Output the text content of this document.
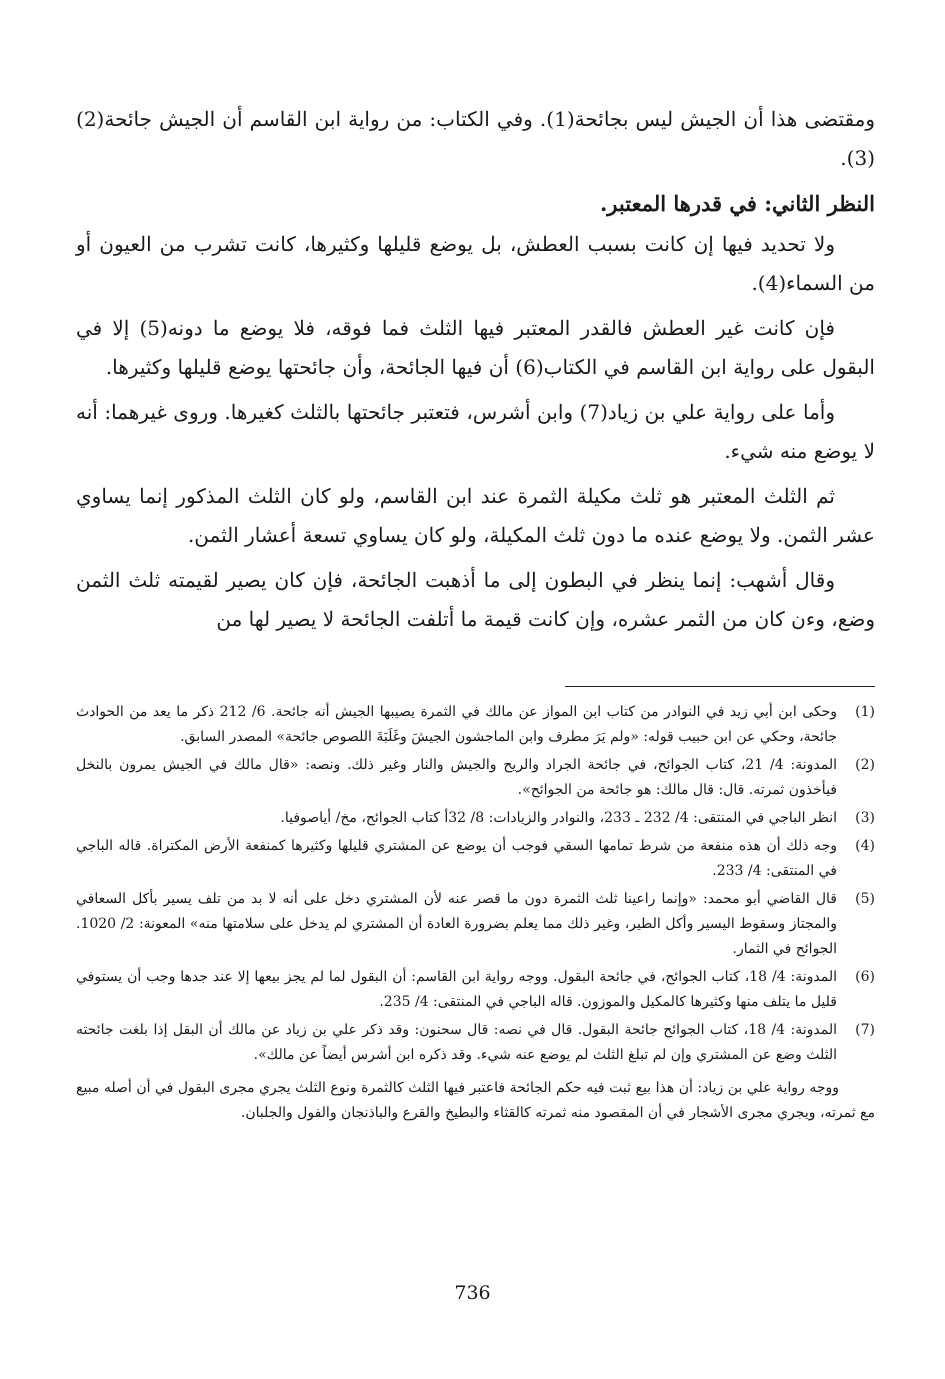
ومقتضى هذا أن الجيش ليس بجائحة(1). وفي الكتاب: من رواية ابن القاسم أن الجيش جائحة(2)(3).

النظر الثاني: في قدرها المعتبر.

ولا تحديد فيها إن كانت بسبب العطش، بل يوضع قليلها وكثيرها، كانت تشرب من العيون أو من السماء(4).

فإن كانت غير العطش فالقدر المعتبر فيها الثلث فما فوقه، فلا يوضع ما دونه(5) إلا في البقول على رواية ابن القاسم في الكتاب(6) أن فيها الجائحة، وأن جائحتها يوضع قليلها وكثيرها.

وأما على رواية علي بن زياد(7) وابن أشرس، فتعتبر جائحتها بالثلث كغيرها. وروى غيرهما: أنه لا يوضع منه شيء.

ثم الثلث المعتبر هو ثلث مكيلة الثمرة عند ابن القاسم، ولو كان الثلث المذكور إنما يساوي عشر الثمن. ولا يوضع عنده ما دون ثلث المكيلة، ولو كان يساوي تسعة أعشار الثمن.

وقال أشهب: إنما ينظر في البطون إلى ما أذهبت الجائحة، فإن كان يصير لقيمته ثلث الثمن وضع، وءن كان من الثمر عشره، وإن كانت قيمة ما أتلفت الجائحة لا يصير لها من

(1)
وحكى ابن أبي زيد في النوادر من كتاب ابن المواز عن مالك في الثمرة يصيبها الجيش أنه جائحة. 6/ 212 ذكر ما يعد من الحوادث جائحة، وحكي عن ابن حبيب قوله: «ولم يَرَ مطرف وابن الماجشون الجيشَ وغَلَبَةَ اللصوص جائحة» المصدر السابق.
(2)
المدونة: 4/ 21، كتاب الجوائح، في جائحة الجراد والريح والجيش والنار وغير ذلك. ونصه: «قال مالك في الجيش يمرون بالنخل فيأخذون ثمرته. قال: قال مالك: هو جائحة من الجوائح».
(3)
انظر الباجي في المنتقى: 4/ 232 ـ 233، والنوادر والزيادات: 8/ 32أ كتاب الجوائح، مخ/ أياصوفيا.
(4)
وجه ذلك أن هذه منفعة من شرط تمامها السقي فوجب أن يوضع عن المشتري قليلها وكثيرها كمنفعة الأرض المكتراة. قاله الباجي في المنتقى: 4/ 233.
(5)
قال القاضي أبو محمد: «وإنما راعينا ثلث الثمرة دون ما قصر عنه لأن المشتري دخل على أنه لا بد من تلف يسير بأكل السعافي والمجتاز وسقوط اليسير وأكل الطير، وغير ذلك مما يعلم بضرورة العادة أن المشتري لم يدخل على سلامتها منه» المعونة: 2/ 1020. الجوائح في الثمار.
(6)
المدونة: 4/ 18، كتاب الجوائح، في جائحة البقول. ووجه رواية ابن القاسم: أن البقول لما لم يجز بيعها إلا عند جدها وجب أن يستوفي قليل ما يتلف منها وكثيرها كالمكيل والموزون. قاله الباجي في المنتقى: 4/ 235.
(7)
المدونة: 4/ 18، كتاب الجوائح جائحة البقول. قال في نصه: قال سحنون: وقد ذكر علي بن زياد عن مالك أن البقل إذا بلغت جائحته الثلث وضع عن المشتري وإن لم تبلغ الثلث لم يوضع عنه شيء. وقد ذكره ابن أشرس أيضاً عن مالك».
ووجه رواية علي بن زياد: أن هذا بيع ثبت فيه حكم الجائحة فاعتبر فيها الثلث كالثمرة ونوع الثلث يجري مجرى البقول في أن أصله مبيع مع ثمرته، ويجري مجرى الأشجار في أن المقصود منه ثمرته كالقثاء والبطيخ والقرع والباذنجان والفول والجلبان.
736
